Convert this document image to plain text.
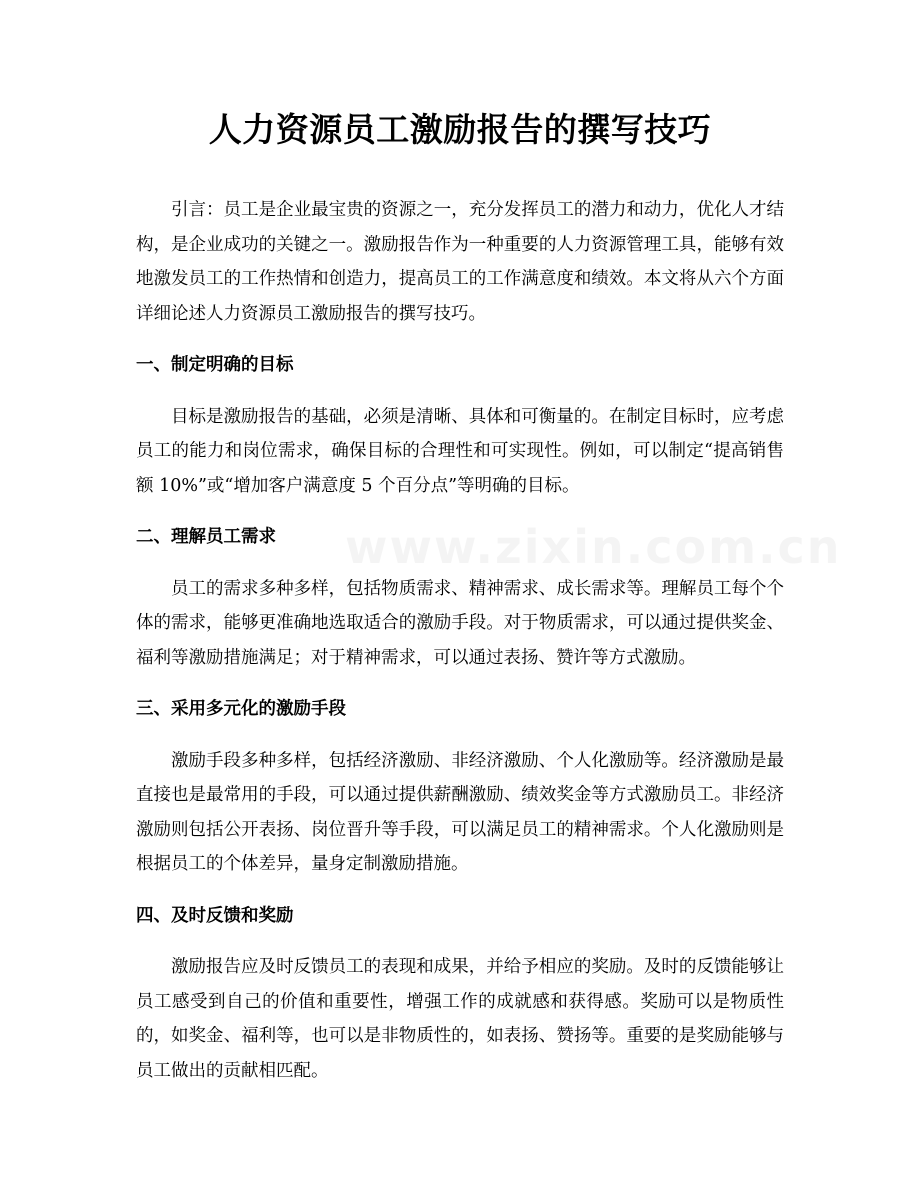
人力资源员工激励报告的撰写技巧

引言：员工是企业最宝贵的资源之一，充分发挥员工的潜力和动力，优化人才结构，是企业成功的关键之一。激励报告作为一种重要的人力资源管理工具，能够有效地激发员工的工作热情和创造力，提高员工的工作满意度和绩效。本文将从六个方面详细论述人力资源员工激励报告的撰写技巧。

一、制定明确的目标

目标是激励报告的基础，必须是清晰、具体和可衡量的。在制定目标时，应考虑员工的能力和岗位需求，确保目标的合理性和可实现性。例如，可以制定“提高销售额 10%”或“增加客户满意度 5 个百分点”等明确的目标。

二、理解员工需求

员工的需求多种多样，包括物质需求、精神需求、成长需求等。理解员工每个个体的需求，能够更准确地选取适合的激励手段。对于物质需求，可以通过提供奖金、福利等激励措施满足；对于精神需求，可以通过表扬、赞许等方式激励。

三、采用多元化的激励手段

激励手段多种多样，包括经济激励、非经济激励、个人化激励等。经济激励是最直接也是最常用的手段，可以通过提供薪酬激励、绩效奖金等方式激励员工。非经济激励则包括公开表扬、岗位晋升等手段，可以满足员工的精神需求。个人化激励则是根据员工的个体差异，量身定制激励措施。

四、及时反馈和奖励

激励报告应及时反馈员工的表现和成果，并给予相应的奖励。及时的反馈能够让员工感受到自己的价值和重要性，增强工作的成就感和获得感。奖励可以是物质性的，如奖金、福利等，也可以是非物质性的，如表扬、赞扬等。重要的是奖励能够与员工做出的贡献相匹配。
